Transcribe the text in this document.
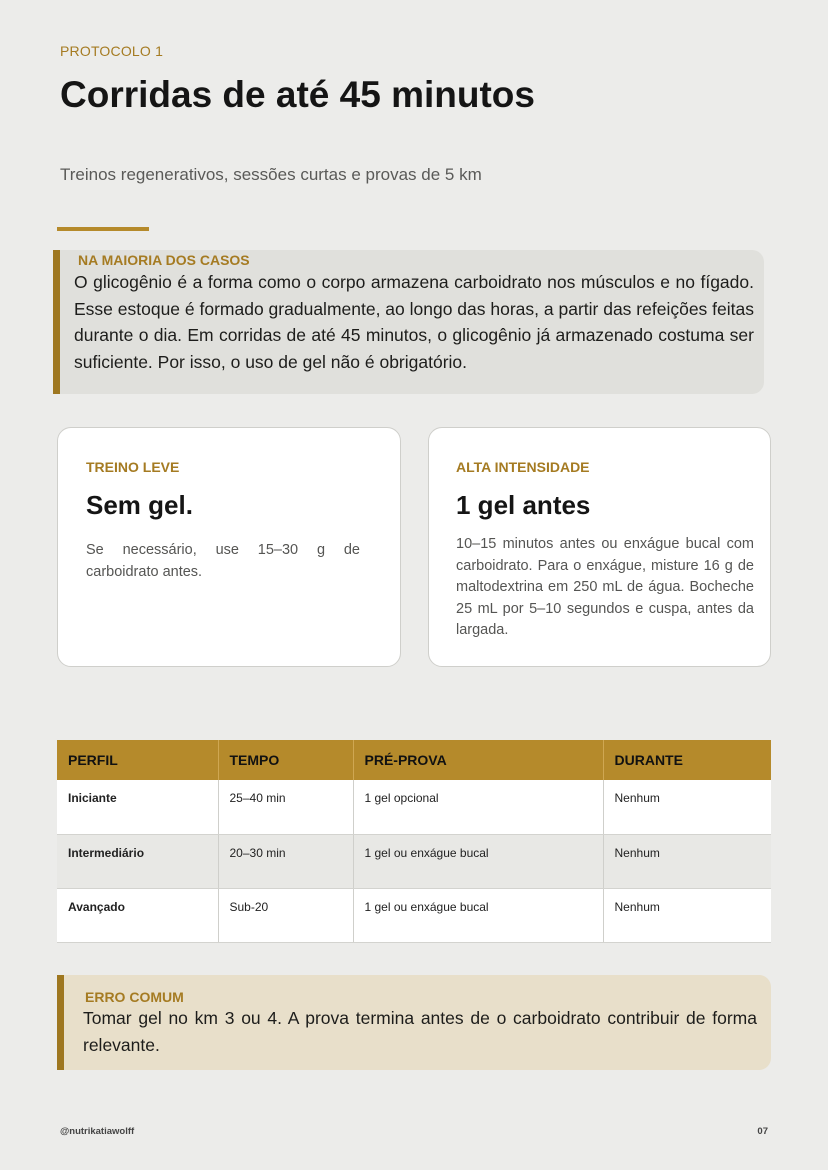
PROTOCOLO 1
Corridas de até 45 minutos
Treinos regenerativos, sessões curtas e provas de 5 km
NA MAIORIA DOS CASOS

O glicogênio é a forma como o corpo armazena carboidrato nos músculos e no fígado. Esse estoque é formado gradualmente, ao longo das horas, a partir das refeições feitas durante o dia. Em corridas de até 45 minutos, o glicogênio já armazenado costuma ser suficiente. Por isso, o uso de gel não é obrigatório.

TREINO LEVE
Sem gel.

Se necessário, use 15–30 g de carboidrato antes.

ALTA INTENSIDADE
1 gel antes

10–15 minutos antes ou enxágue bucal com carboidrato. Para o enxágue, misture 16 g de maltodextrina em 250 mL de água. Bocheche 25 mL por 5–10 segundos e cuspa, antes da largada.

PERFIL	TEMPO	PRÉ-PROVA	DURANTE
Iniciante	25–40 min	1 gel opcional	Nenhum
Intermediário	20–30 min	1 gel ou enxágue bucal	Nenhum
Avançado	Sub-20	1 gel ou enxágue bucal	Nenhum
ERRO COMUM

Tomar gel no km 3 ou 4. A prova termina antes de o carboidrato contribuir de forma relevante.

@nutrikatiawolff	07
